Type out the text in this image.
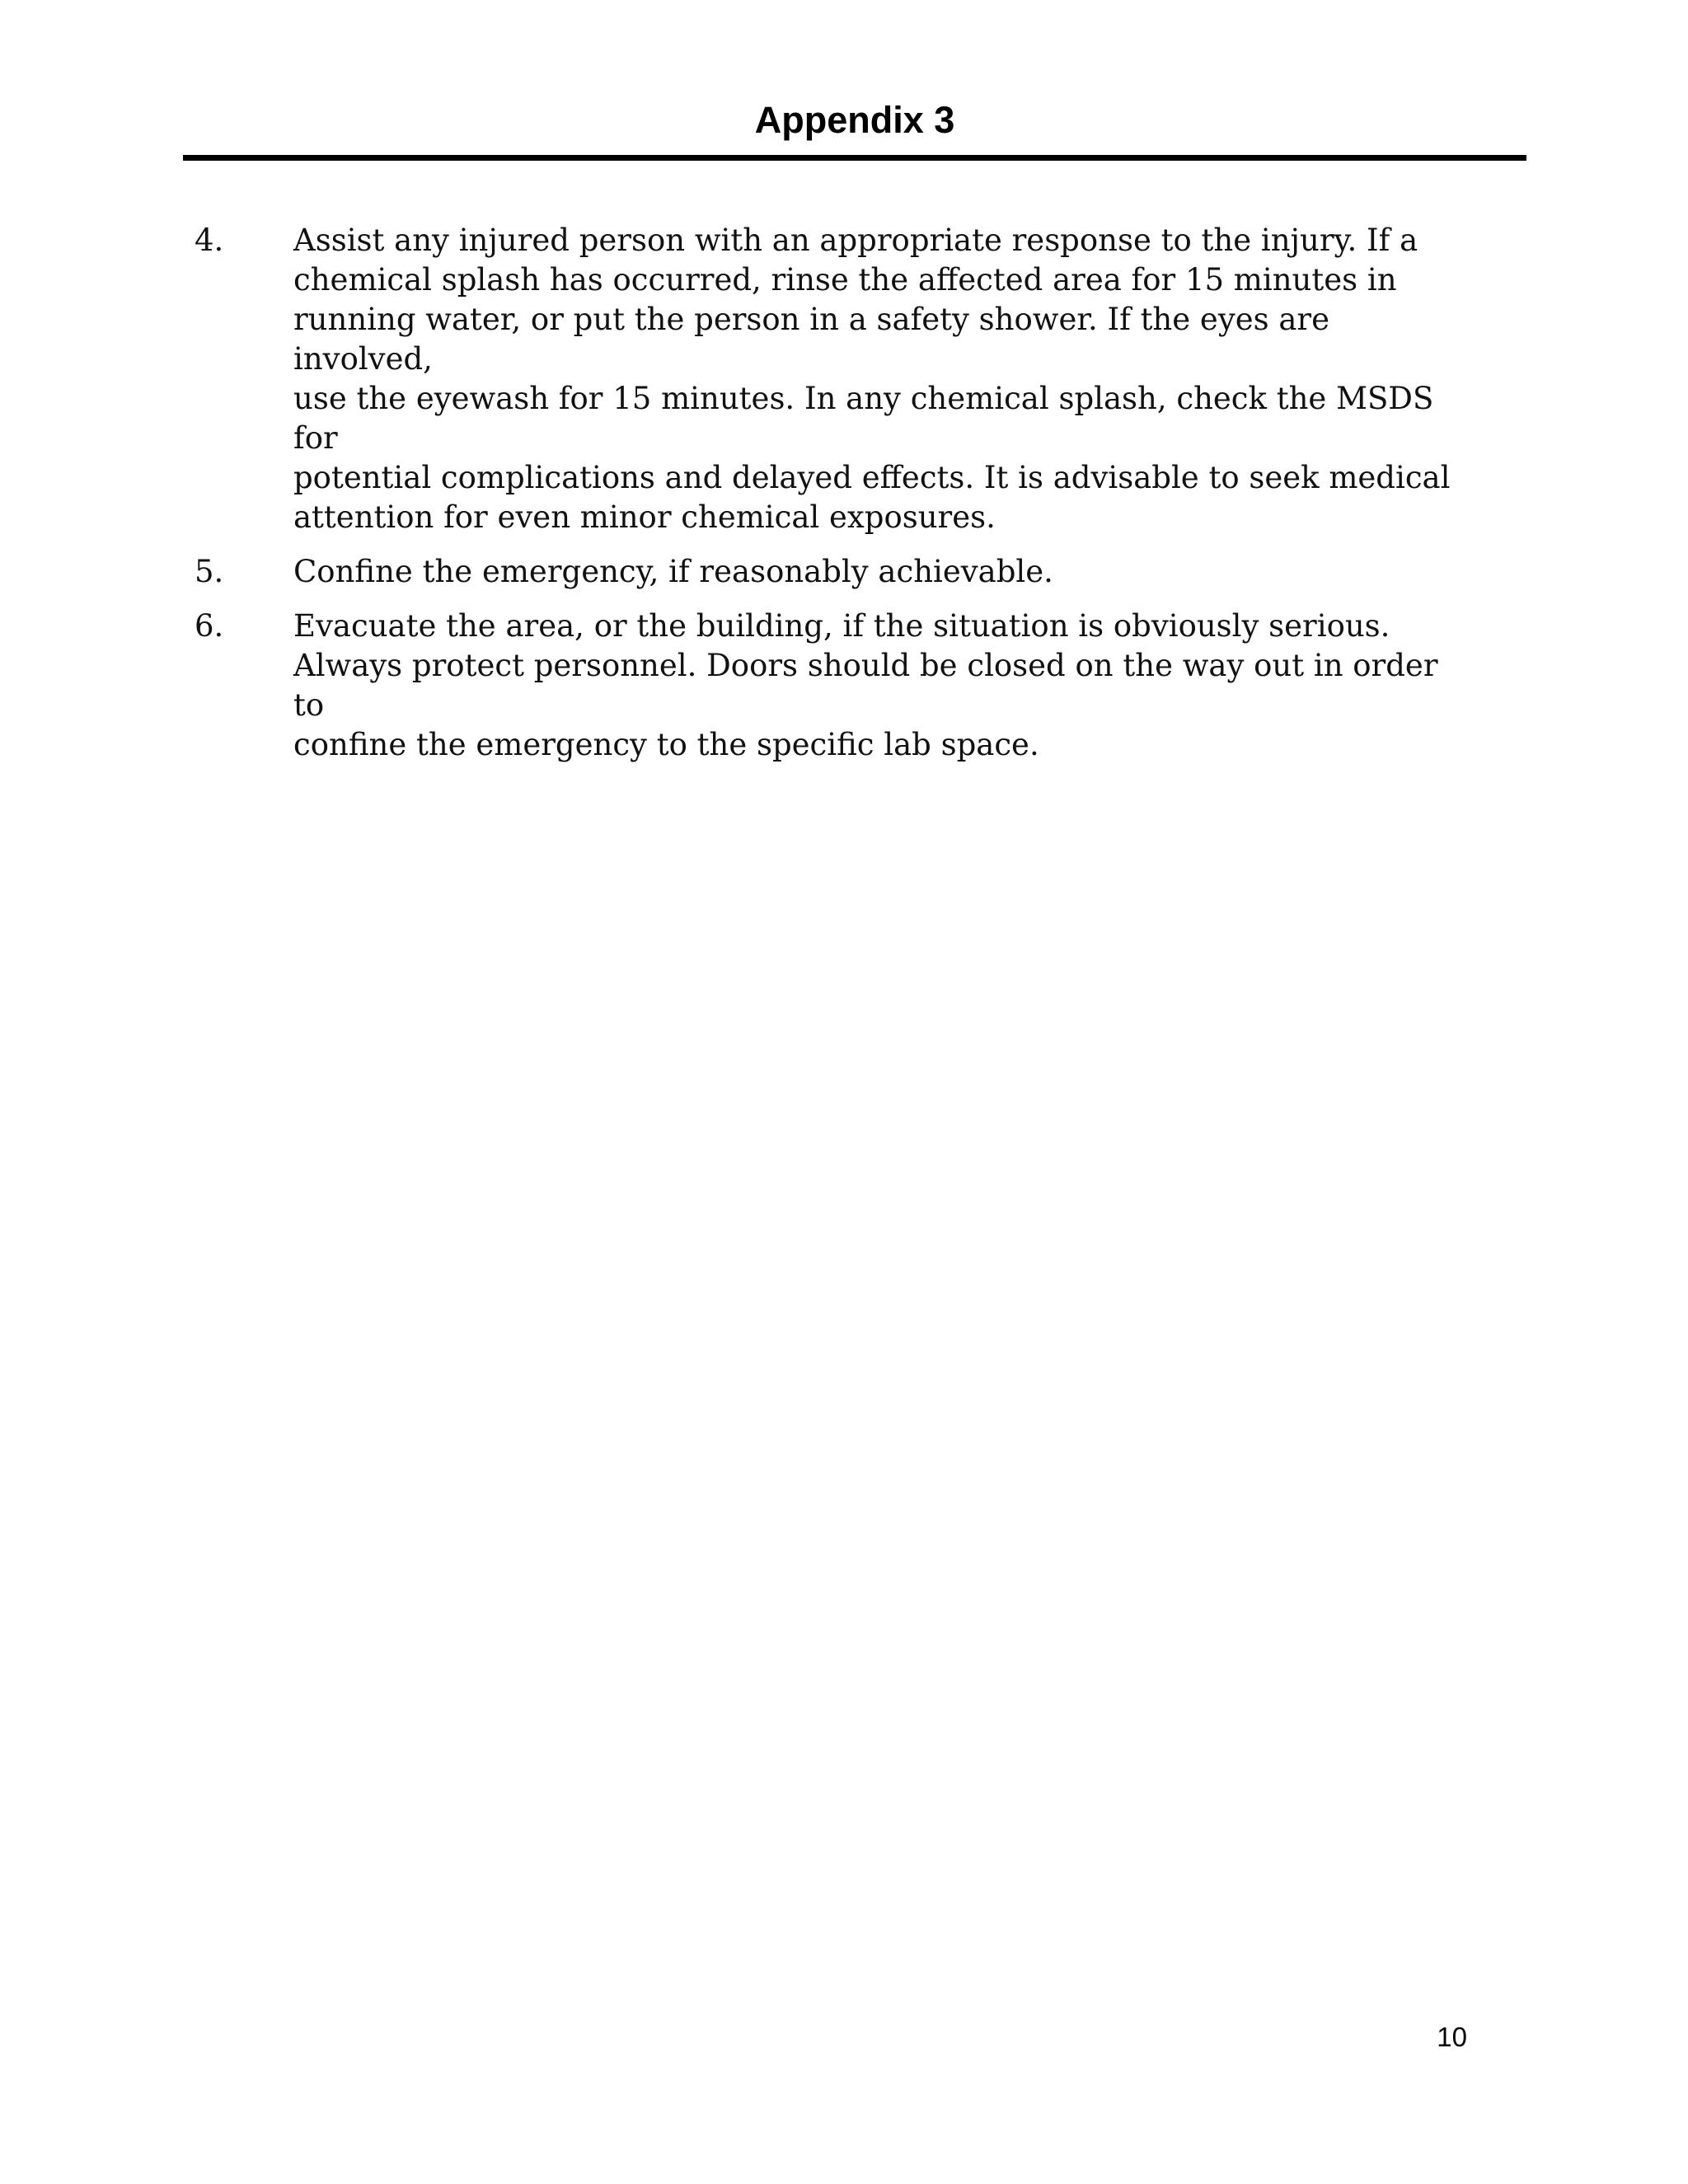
Appendix 3
4.	Assist any injured person with an appropriate response to the injury. If a
chemical splash has occurred, rinse the affected area for 15 minutes in
running water, or put the person in a safety shower. If the eyes are involved,
use the eyewash for 15 minutes. In any chemical splash, check the MSDS for
potential complications and delayed effects. It is advisable to seek medical
attention for even minor chemical exposures.
5.	Confine the emergency, if reasonably achievable.
6.	Evacuate the area, or the building, if the situation is obviously serious.
Always protect personnel. Doors should be closed on the way out in order to
confine the emergency to the specific lab space.
10
